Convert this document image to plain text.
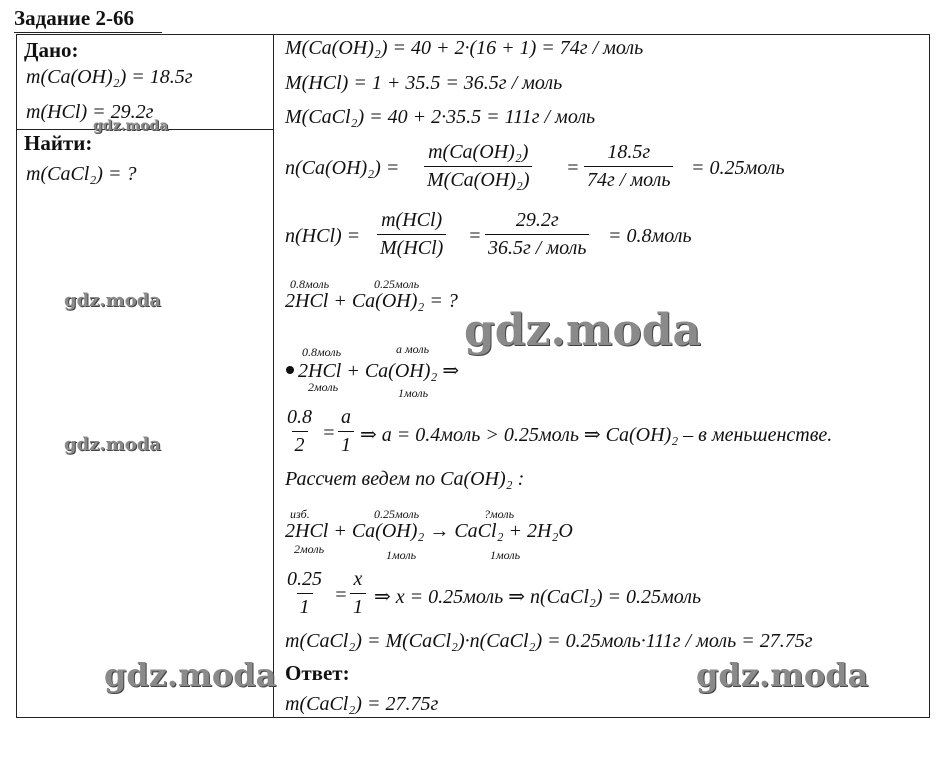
Задание 2-66
Дано:
m(Ca(OH)₂) = 18.5г
m(HCl) = 29.2г
Найти:
m(CaCl₂) = ?
M(Ca(OH)₂) = 40 + 2·(16 + 1) = 74г / моль
M(HCl) = 1 + 35.5 = 36.5г / моль
M(CaCl₂) = 40 + 2·35.5 = 111г / моль
$n(Ca(OH)_2) = \frac{\text{m(Ca(OH)₂)}}{\text{M(Ca(OH)₂)}}$ =
18.5г
74г / моль
= 0.25моль
n(HCl) =
m(HCl)
M(HCl)
=
29.2г
36.5г / моль
= 0.8моль
0.8моль	0.25моль
2HCl + Ca(OH)₂ = ?
0.8моль	a моль
2HCl + Ca(OH)₂ ⇒
2моль	1моль
$\frac{0.8}{2} = \frac{a}{1}$ ⇒ a = 0.4моль > 0.25моль ⇒ Ca(OH)₂ – в меньшенстве.
Рассчет ведем по Ca(OH)₂ :
изб.	0.25моль	?моль
2HCl + Ca(OH)₂ → CaCl₂ + 2H₂O
2моль	1моль	1моль
$\frac{0.25}{1} = \frac{x}{1}$ ⇒ x = 0.25моль ⇒ n(CaCl₂) = 0.25моль
m(CaCl₂) = M(CaCl₂)·n(CaCl₂) = 0.25моль·111г / моль = 27.75г
Ответ:
m(CaCl₂) = 27.75г
gdz.moda
gdz.moda
gdz.moda
gdz.moda
gdz.moda	gdz.moda
